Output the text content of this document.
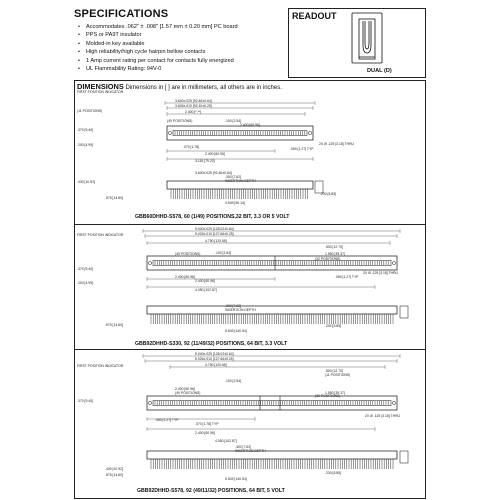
SPECIFICATIONS
• Accommodates .062" ± .008" [1.57 mm ± 0.20 mm] PC board
• PPS or PA9T insulator
• Molded-in key available
• High reliability/high cycle hairpin bellow contacts
• 1 Amp current rating per contact for contacts fully energized
• UL Flammability Rating: 94V-0
READOUT
DUAL (D)
DIMENSIONS Dimensions in [ ] are in millimeters, all others are in inches.
GBB60DHHD-S578, 60 (1/49) POSITIONS,32 BIT, 3.3 OR 5 VOLT
GBB92DHHD-S330, 92 (11/49/32) POSITIONS, 64 BIT, 3.3 VOLT
GBB92DHHD-S578, 92 (49/11/32) POSITIONS, 64 BIT, 5 VOLT
FIRST POSITION INDICATOR
3.640±.025 [92.46±0.64]
3.626±.010 [92.10±0.25]
2.400 [*.**]
(11 POSITIONS)
.100 [2.54]
(49 POSITIONS)
2.400 [60.96]
.050 [1.27] TYP
.370 [9.40]
.070 [1.78]
2X Ø .125 [3.18] THRU
.200 [4.99]
2.400 [60.96]
3.118 [79.20]
3.640±.025 [92.46±0.64]
.300 [7.62]
INSERTION DEPTH
.430 [10.92]
.575 [14.60]
.230 [5.85]
3.549 [90.14]
FIRST POSITION INDICATOR
5.040±.025 [128.02±0.64]
5.026±.010 [127.66±0.25]
4.750 [120.65]
.500 [12.70]
.370 [9.40]
2.400 [60.96]
(49 POSITIONS)	.100 [2.54]	1.550 [39.37]
(32 POSITIONS)
.200 [4.99]	2.400 [60.96]
.050 [1.27] TYP
2X Ø .125 [3.18] THRU
4.050 [102.87]
.300 [7.62]
INSERTION DEPTH
.575 [14.60]	.230 [5.85]
5.549 [140.94]
FIRST POSITION INDICATOR
5.040±.025 [128.02±0.64]
5.026±.010 [127.66±0.25]
4.750 [120.65]
.500 [12.70]
(11 POSITIONS)
.100 [2.54]
2.400 [60.96]
(49 POSITIONS)	1.550 [39.37]
(32 POSITIONS)
.370 [9.40]
.050 [1.27] TYP
.070 [1.78] TYP
2X Ø .125 [3.18] THRU
2.400 [60.96]
4.050 [102.87]
.300 [7.62]
INSERTION DEPTH
.430 [10.92]
.575 [14.60]	.230 [5.85]
5.549 [140.94]
